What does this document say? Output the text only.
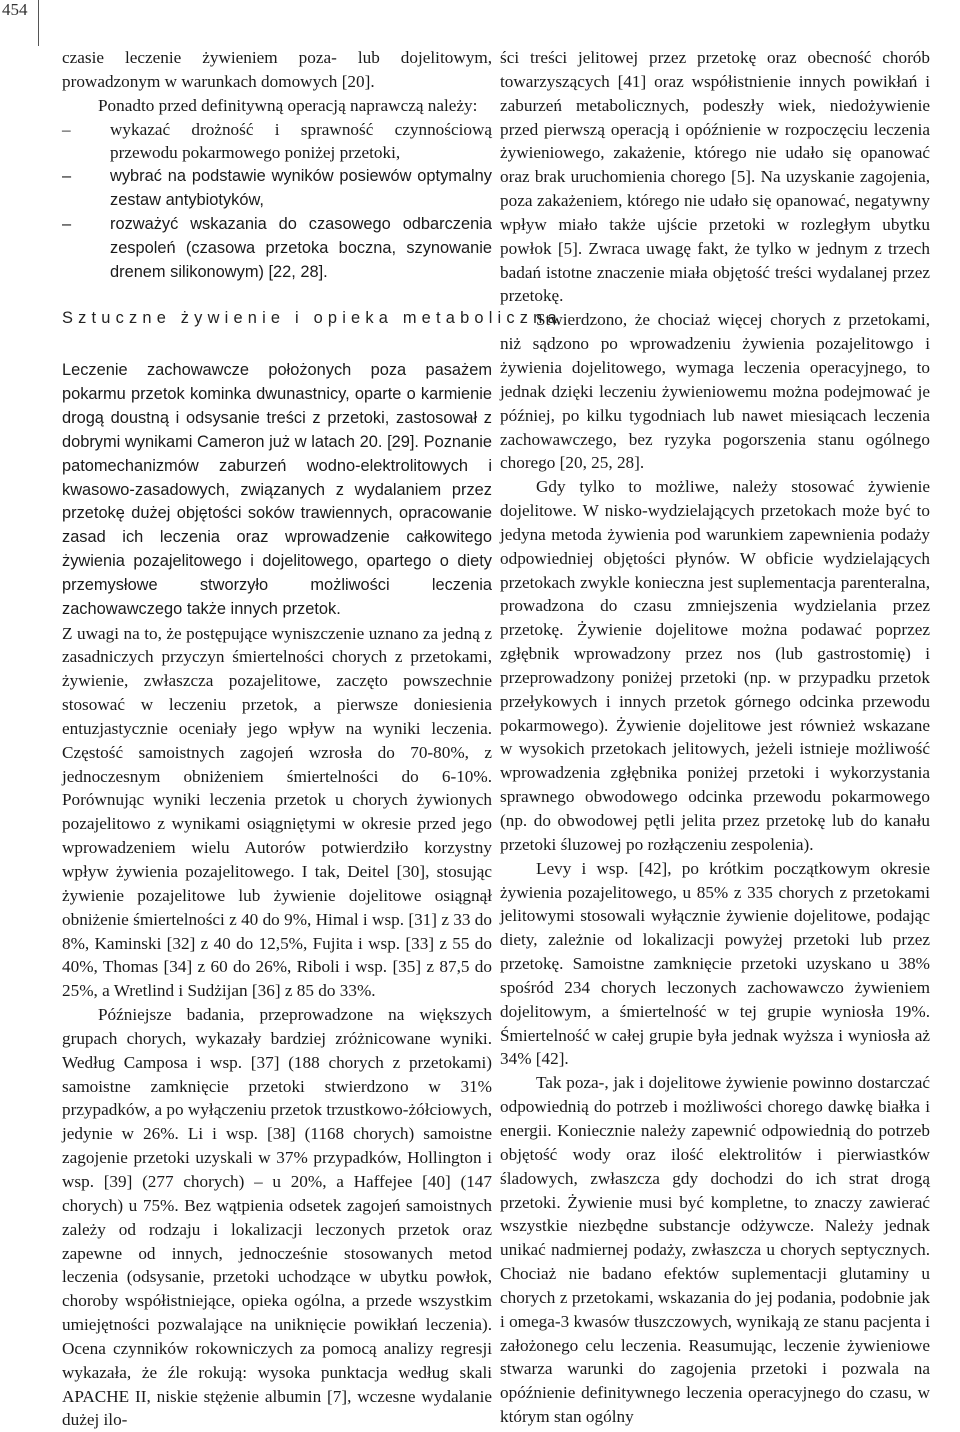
454

czasie leczenie żywieniem poza- lub dojelitowym, prowadzonym w warunkach domowych [20].

Ponadto przed definitywną operacją naprawczą należy:

– wykazać drożność i sprawność czynnościową przewodu pokarmowego poniżej przetoki,
– wybrać na podstawie wyników posiewów optymalny zestaw antybiotyków,
– rozważyć wskazania do czasowego odbarczenia zespoleń (czasowa przetoka boczna, szynowanie drenem silikonowym) [22, 28].
Sztuczne żywienie i opieka metaboliczna

Leczenie zachowawcze położonych poza pasażem pokarmu przetok kominka dwunastnicy, oparte o karmienie drogą doustną i odsysanie treści z przetoki, zastosował z dobrymi wynikami Cameron już w latach 20. [29]. Poznanie patomechanizmów zaburzeń wodno-elektrolitowych i kwasowo-zasadowych, związanych z wydalaniem przez przetokę dużej objętości soków trawiennych, opracowanie zasad ich leczenia oraz wprowadzenie całkowitego żywienia pozajelitowego i dojelitowego, opartego o diety przemysłowe stworzyło możliwości leczenia zachowawczego także innych przetok.

Z uwagi na to, że postępujące wyniszczenie uznano za jedną z zasadniczych przyczyn śmiertelności chorych z przetokami, żywienie, zwłaszcza pozajelitowe, zaczęto powszechnie stosować w leczeniu przetok, a pierwsze doniesienia entuzjastycznie oceniały jego wpływ na wyniki leczenia. Częstość samoistnych zagojeń wzrosła do 70-80%, z jednoczesnym obniżeniem śmiertelności do 6-10%. Porównując wyniki leczenia przetok u chorych żywionych pozajelitowo z wynikami osiągniętymi w okresie przed jego wprowadzeniem wielu Autorów potwierdziło korzystny wpływ żywienia pozajelitowego. I tak, Deitel [30], stosując żywienie pozajelitowe lub żywienie dojelitowe osiągnął obniżenie śmiertelności z 40 do 9%, Himal i wsp. [31] z 33 do 8%, Kaminski [32] z 40 do 12,5%, Fujita i wsp. [33] z 55 do 40%, Thomas [34] z 60 do 26%, Riboli i wsp. [35] z 87,5 do 25%, a Wretlind i Sudżijan [36] z 85 do 33%.

Późniejsze badania, przeprowadzone na większych grupach chorych, wykazały bardziej zróżnicowane wyniki. Według Camposa i wsp. [37] (188 chorych z przetokami) samoistne zamknięcie przetoki stwierdzono w 31% przypadków, a po wyłączeniu przetok trzustkowo-żółciowych, jedynie w 26%. Li i wsp. [38] (1168 chorych) samoistne zagojenie przetoki uzyskali w 37% przypadków, Hollington i wsp. [39] (277 chorych) – u 20%, a Haffejee [40] (147 chorych) u 75%. Bez wątpienia odsetek zagojeń samoistnych zależy od rodzaju i lokalizacji leczonych przetok oraz zapewne od innych, jednocześnie stosowanych metod leczenia (odsysanie, przetoki uchodzące w ubytku powłok, choroby współistniejące, opieka ogólna, a przede wszystkim umiejętności pozwalające na uniknięcie powikłań leczenia). Ocena czynników rokowniczych za pomocą analizy regresji wykazała, że źle rokują: wysoka punktacja według skali APACHE II, niskie stężenie albumin [7], wczesne wydalanie dużej ilo-

ści treści jelitowej przez przetokę oraz obecność chorób towarzyszących [41] oraz współistnienie innych powikłań i zaburzeń metabolicznych, podeszły wiek, niedożywienie przed pierwszą operacją i opóźnienie w rozpoczęciu leczenia żywieniowego, zakażenie, którego nie udało się opanować oraz brak uruchomienia chorego [5]. Na uzyskanie zagojenia, poza zakażeniem, którego nie udało się opanować, negatywny wpływ miało także ujście przetoki w rozległym ubytku powłok [5]. Zwraca uwagę fakt, że tylko w jednym z trzech badań istotne znaczenie miała objętość treści wydalanej przez przetokę.

Stwierdzono, że chociaż więcej chorych z przetokami, niż sądzono po wprowadzeniu żywienia pozajelitowgo i żywienia dojelitowego, wymaga leczenia operacyjnego, to jednak dzięki leczeniu żywieniowemu można podejmować je później, po kilku tygodniach lub nawet miesiącach leczenia zachowawczego, bez ryzyka pogorszenia stanu ogólnego chorego [20, 25, 28].

Gdy tylko to możliwe, należy stosować żywienie dojelitowe. W nisko-wydzielających przetokach może być to jedyna metoda żywienia pod warunkiem zapewnienia podaży odpowiedniej objętości płynów. W obficie wydzielających przetokach zwykle konieczna jest suplementacja parenteralna, prowadzona do czasu zmniejszenia wydzielania przez przetokę. Żywienie dojelitowe można podawać poprzez zgłębnik wprowadzony przez nos (lub gastrostomię) i przeprowadzony poniżej przetoki (np. w przypadku przetok przełykowych i innych przetok górnego odcinka przewodu pokarmowego). Żywienie dojelitowe jest również wskazane w wysokich przetokach jelitowych, jeżeli istnieje możliwość wprowadzenia zgłębnika poniżej przetoki i wykorzystania sprawnego obwodowego odcinka przewodu pokarmowego (np. do obwodowej pętli jelita przez przetokę lub do kanału przetoki śluzowej po rozłączeniu zespolenia).

Levy i wsp. [42], po krótkim początkowym okresie żywienia pozajelitowego, u 85% z 335 chorych z przetokami jelitowymi stosowali wyłącznie żywienie dojelitowe, podając diety, zależnie od lokalizacji powyżej przetoki lub przez przetokę. Samoistne zamknięcie przetoki uzyskano u 38% spośród 234 chorych leczonych zachowawczo żywieniem dojelitowym, a śmiertelność w tej grupie wyniosła 19%. Śmiertelność w całej grupie była jednak wyższa i wyniosła aż 34% [42].

Tak poza-, jak i dojelitowe żywienie powinno dostarczać odpowiednią do potrzeb i możliwości chorego dawkę białka i energii. Koniecznie należy zapewnić odpowiednią do potrzeb objętość wody oraz ilość elektrolitów i pierwiastków śladowych, zwłaszcza gdy dochodzi do ich strat drogą przetoki. Żywienie musi być kompletne, to znaczy zawierać wszystkie niezbędne substancje odżywcze. Należy jednak unikać nadmiernej podaży, zwłaszcza u chorych septycznych. Chociaż nie badano efektów suplementacji glutaminy u chorych z przetokami, wskazania do jej podania, podobnie jak i omega-3 kwasów tłuszczowych, wynikają ze stanu pacjenta i założonego celu leczenia. Reasumując, leczenie żywieniowe stwarza warunki do zagojenia przetoki i pozwala na opóźnienie definitywnego leczenia operacyjnego do czasu, w którym stan ogólny
